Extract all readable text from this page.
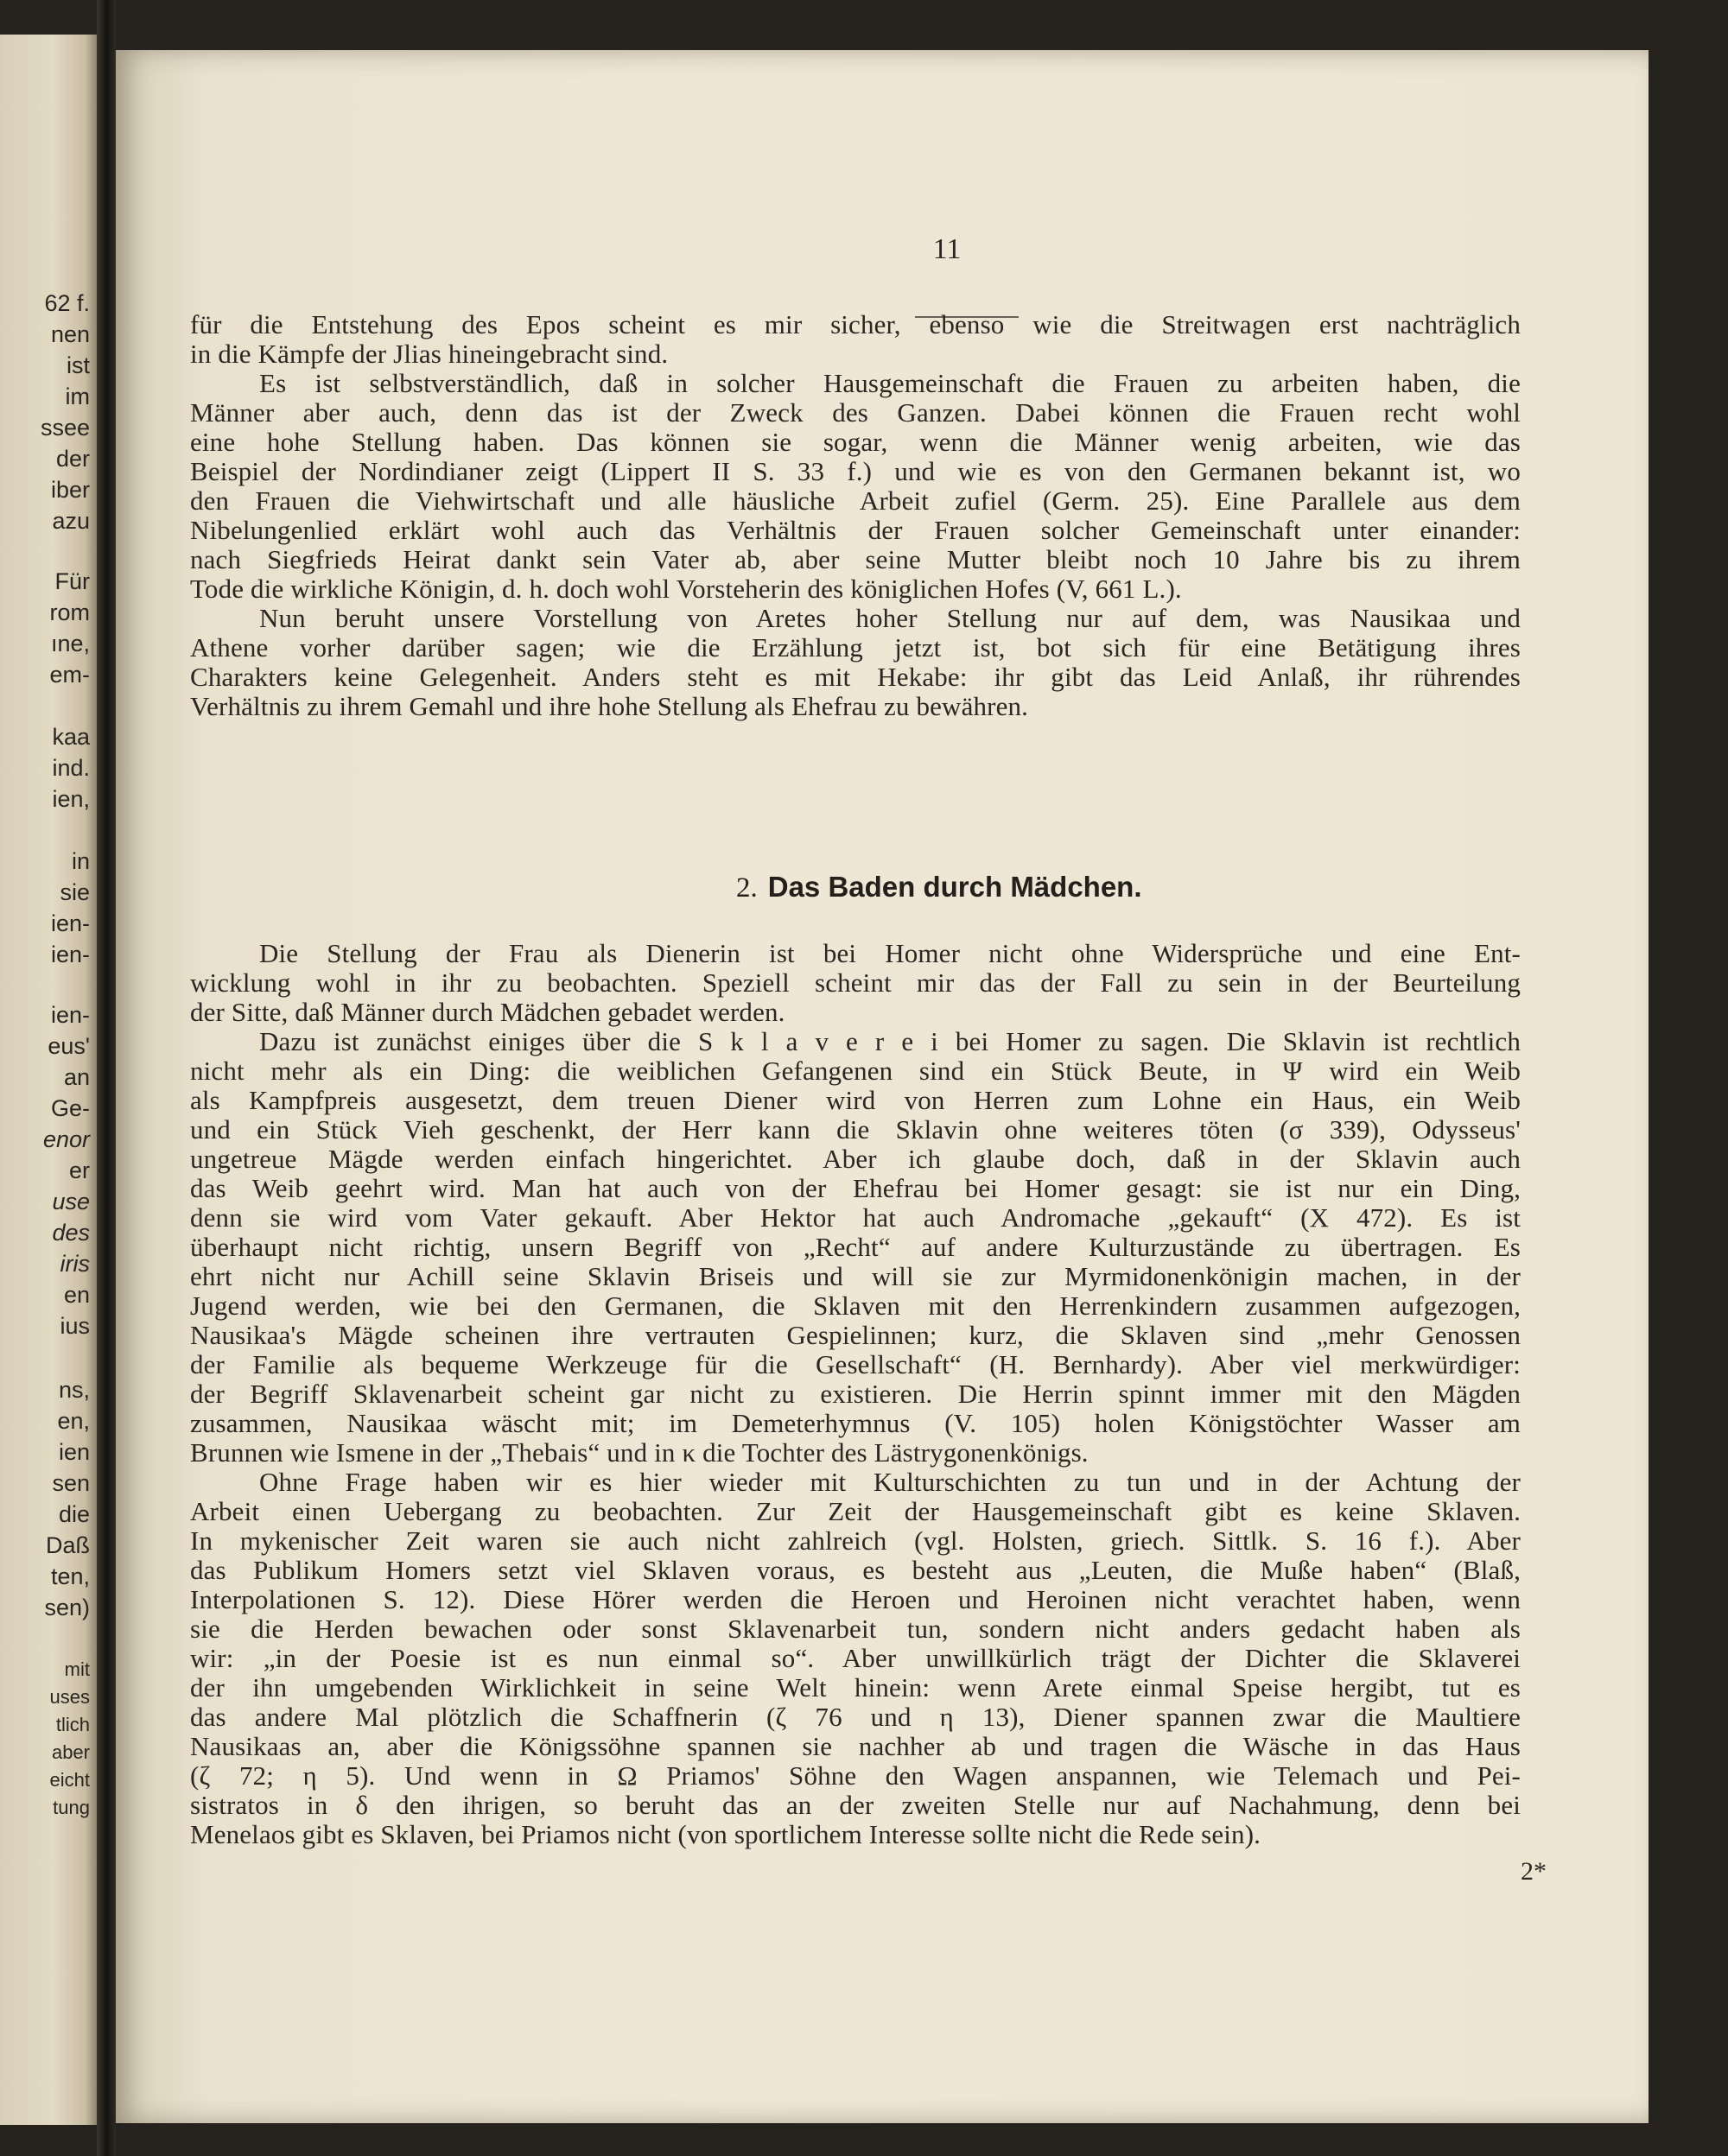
62 f.

nen

ist

im

ssee

der

iber

azu

Für

rom

ıne,

em-

kaa

ind.

ien,

in

sie

ien-

ien-

ien-

eus'

an

Ge-

enor

er

use

des

iris

en

ius

ns,

en,

ien

sen

die

Daß

ten,

sen)

mit

uses

tlich

aber

eicht

tung

11

für die Entstehung des Epos scheint es mir sicher, ebenso wie die Streitwagen erst nachträglich

in die Kämpfe der Jlias hineingebracht sind.

Es ist selbstverständlich, daß in solcher Hausgemeinschaft die Frauen zu arbeiten haben, die

Männer aber auch, denn das ist der Zweck des Ganzen. Dabei können die Frauen recht wohl

eine hohe Stellung haben. Das können sie sogar, wenn die Männer wenig arbeiten, wie das

Beispiel der Nordindianer zeigt (Lippert II S. 33 f.) und wie es von den Germanen bekannt ist, wo

den Frauen die Viehwirtschaft und alle häusliche Arbeit zufiel (Germ. 25). Eine Parallele aus dem

Nibelungenlied erklärt wohl auch das Verhältnis der Frauen solcher Gemeinschaft unter einander:

nach Siegfrieds Heirat dankt sein Vater ab, aber seine Mutter bleibt noch 10 Jahre bis zu ihrem

Tode die wirkliche Königin, d. h. doch wohl Vorsteherin des königlichen Hofes (V, 661 L.).

Nun beruht unsere Vorstellung von Aretes hoher Stellung nur auf dem, was Nausikaa und

Athene vorher darüber sagen; wie die Erzählung jetzt ist, bot sich für eine Betätigung ihres

Charakters keine Gelegenheit. Anders steht es mit Hekabe: ihr gibt das Leid Anlaß, ihr rührendes

Verhältnis zu ihrem Gemahl und ihre hohe Stellung als Ehefrau zu bewähren.

2. Das Baden durch Mädchen.

Die Stellung der Frau als Dienerin ist bei Homer nicht ohne Widersprüche und eine Ent-

wicklung wohl in ihr zu beobachten. Speziell scheint mir das der Fall zu sein in der Beurteilung

der Sitte, daß Männer durch Mädchen gebadet werden.

Dazu ist zunächst einiges über die S k l a v e r e i bei Homer zu sagen. Die Sklavin ist rechtlich

nicht mehr als ein Ding: die weiblichen Gefangenen sind ein Stück Beute, in Ψ wird ein Weib

als Kampfpreis ausgesetzt, dem treuen Diener wird von Herren zum Lohne ein Haus, ein Weib

und ein Stück Vieh geschenkt, der Herr kann die Sklavin ohne weiteres töten (σ 339), Odysseus'

ungetreue Mägde werden einfach hingerichtet. Aber ich glaube doch, daß in der Sklavin auch

das Weib geehrt wird. Man hat auch von der Ehefrau bei Homer gesagt: sie ist nur ein Ding,

denn sie wird vom Vater gekauft. Aber Hektor hat auch Andromache „gekauft“ (Χ 472). Es ist

überhaupt nicht richtig, unsern Begriff von „Recht“ auf andere Kulturzustände zu übertragen. Es

ehrt nicht nur Achill seine Sklavin Briseis und will sie zur Myrmidonenkönigin machen, in der

Jugend werden, wie bei den Germanen, die Sklaven mit den Herrenkindern zusammen aufgezogen,

Nausikaa's Mägde scheinen ihre vertrauten Gespielinnen; kurz, die Sklaven sind „mehr Genossen

der Familie als bequeme Werkzeuge für die Gesellschaft“ (H. Bernhardy). Aber viel merkwürdiger:

der Begriff Sklavenarbeit scheint gar nicht zu existieren. Die Herrin spinnt immer mit den Mägden

zusammen, Nausikaa wäscht mit; im Demeterhymnus (V. 105) holen Königstöchter Wasser am

Brunnen wie Ismene in der „Thebais“ und in κ die Tochter des Lästrygonenkönigs.

Ohne Frage haben wir es hier wieder mit Kulturschichten zu tun und in der Achtung der

Arbeit einen Uebergang zu beobachten. Zur Zeit der Hausgemeinschaft gibt es keine Sklaven.

In mykenischer Zeit waren sie auch nicht zahlreich (vgl. Holsten, griech. Sittlk. S. 16 f.). Aber

das Publikum Homers setzt viel Sklaven voraus, es besteht aus „Leuten, die Muße haben“ (Blaß,

Interpolationen S. 12). Diese Hörer werden die Heroen und Heroinen nicht verachtet haben, wenn

sie die Herden bewachen oder sonst Sklavenarbeit tun, sondern nicht anders gedacht haben als

wir: „in der Poesie ist es nun einmal so“. Aber unwillkürlich trägt der Dichter die Sklaverei

der ihn umgebenden Wirklichkeit in seine Welt hinein: wenn Arete einmal Speise hergibt, tut es

das andere Mal plötzlich die Schaffnerin (ζ 76 und η 13), Diener spannen zwar die Maultiere

Nausikaas an, aber die Königssöhne spannen sie nachher ab und tragen die Wäsche in das Haus

(ζ 72; η 5). Und wenn in Ω Priamos' Söhne den Wagen anspannen, wie Telemach und Pei-

sistratos in δ den ihrigen, so beruht das an der zweiten Stelle nur auf Nachahmung, denn bei

Menelaos gibt es Sklaven, bei Priamos nicht (von sportlichem Interesse sollte nicht die Rede sein).

2*
